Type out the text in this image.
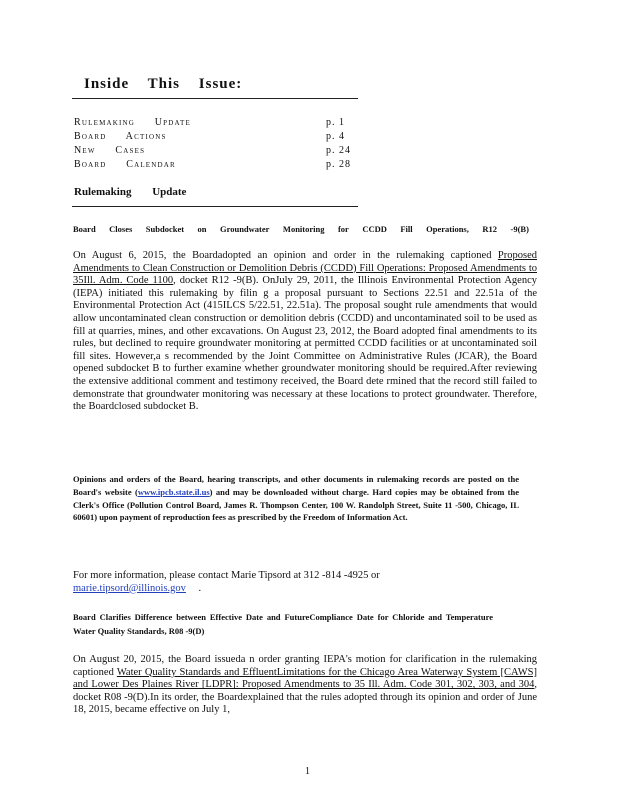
Inside This Issue:
Rulemaking Update	p. 1
Board Actions	p. 4
New Cases	p. 24
Board Calendar	p. 28
Rulemaking Update
Board Closes Subdocket on Groundwater Monitoring for CCDD Fill Operations, R12 -9(B)
On August 6, 2015, the Boardadopted an opinion and order in the rulemaking captioned Proposed Amendments to Clean Construction or Demolition Debris (CCDD) Fill Operations: Proposed Amendments to 35Ill. Adm. Code 1100, docket R12 -9(B). OnJuly 29, 2011, the Illinois Environmental Protection Agency (IEPA) initiated this rulemaking by filin g a proposal pursuant to Sections 22.51 and 22.51a of the Environmental Protection Act (415ILCS 5/22.51, 22.51a). The proposal sought rule amendments that would allow uncontaminated clean construction or demolition debris (CCDD) and uncontaminated soil to be used as fill at quarries, mines, and other excavations. On August 23, 2012, the Board adopted final amendments to its rules, but declined to require groundwater monitoring at permitted CCDD facilities or at uncontaminated soil fill sites. However,a s recommended by the Joint Committee on Administrative Rules (JCAR), the Board opened subdocket B to further examine whether groundwater monitoring should be required.After reviewing the extensive additional comment and testimony received, the Board dete rmined that the record still failed to demonstrate that groundwater monitoring was necessary at these locations to protect groundwater. Therefore, the Boardclosed subdocket B.
Opinions and orders of the Board, hearing transcripts, and other documents in rulemaking records are posted on the Board's website (www.ipcb.state.il.us) and may be downloaded without charge. Hard copies may be obtained from the Clerk's Office (Pollution Control Board, James R. Thompson Center, 100 W. Randolph Street, Suite 11 -500, Chicago, IL 60601) upon payment of reproduction fees as prescribed by the Freedom of Information Act.
For more information, please contact Marie Tipsord at 312 -814 -4925 or
marie.tipsord@illinois.gov .
Board Clarifies Difference between Effective Date and FutureCompliance Date for Chloride and Temperature Water Quality Standards, R08 -9(D)
On August 20, 2015, the Board issueda n order granting IEPA's motion for clarification in the rulemaking captioned Water Quality Standards and EffluentLimitations for the Chicago Area Waterway System [CAWS] and Lower Des Plaines River [LDPR]: Proposed Amendments to 35 Ill. Adm. Code 301, 302, 303, and 304, docket R08 -9(D).In its order, the Boardexplained that the rules adopted through its opinion and order of June 18, 2015, became effective on July 1,
1
